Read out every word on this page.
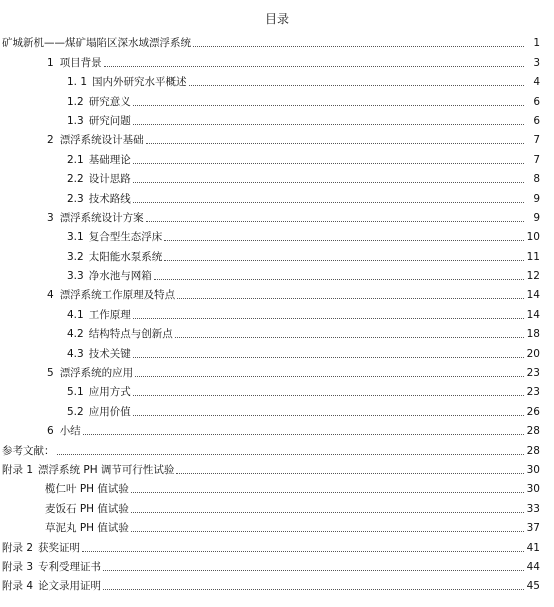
目录
矿城新机——煤矿塌陷区深水域漂浮系统	1
1 项目背景	3
1. 1 国内外研究水平概述	4
1.2 研究意义	6
1.3 研究问题	6
2 漂浮系统设计基础	7
2.1 基础理论	7
2.2 设计思路	8
2.3 技术路线	9
3 漂浮系统设计方案	9
3.1 复合型生态浮床	10
3.2 太阳能水泵系统	11
3.3 净水池与网箱	12
4 漂浮系统工作原理及特点	14
4.1 工作原理	14
4.2 结构特点与创新点	18
4.3 技术关键	20
5 漂浮系统的应用	23
5.1 应用方式	23
5.2 应用价值	26
6 小结	28
参考文献：	28
附录 1 漂浮系统 PH 调节可行性试验	30
榄仁叶 PH 值试验	30
麦饭石 PH 值试验	33
草泥丸 PH 值试验	37
附录 2 获奖证明	41
附录 3 专利受理证书	44
附录 4 论文录用证明	45
